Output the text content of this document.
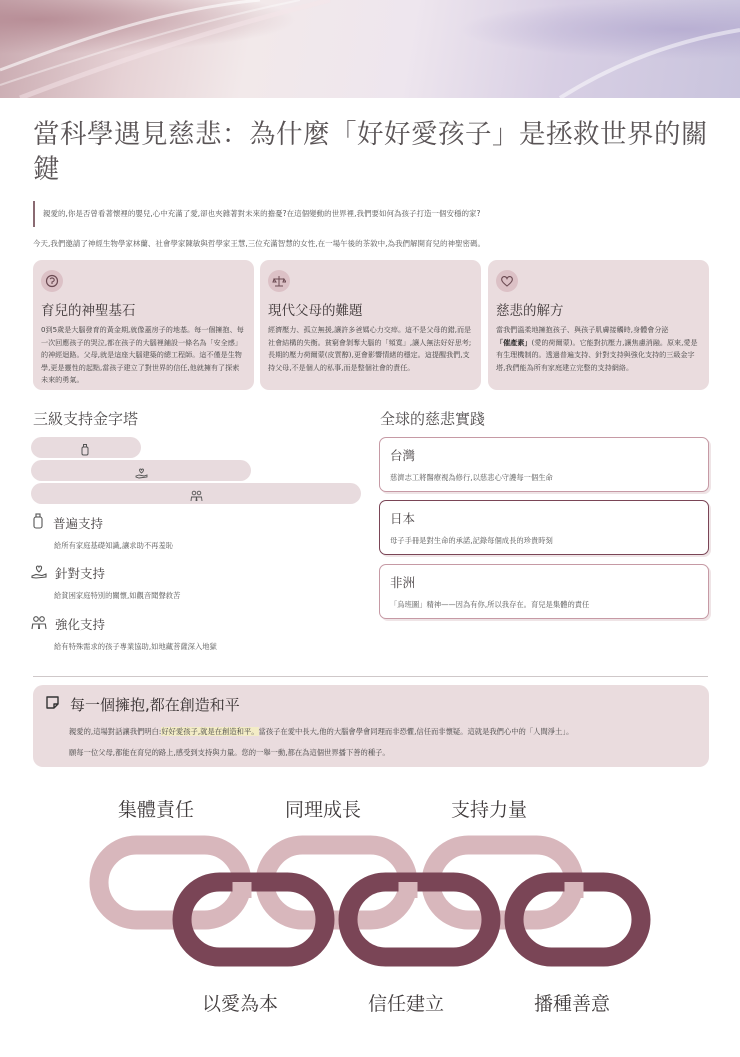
當科學遇見慈悲：為什麼「好好愛孩子」是拯救世界的關鍵
親愛的,你是否曾看著懷裡的嬰兒,心中充滿了愛,卻也夾雜著對未來的擔憂?在這個變動的世界裡,我們要如何為孩子打造一個安穩的家?
今天,我們邀請了神經生物學家林蘭、社會學家陳敏與哲學家王慧,三位充滿智慧的女性,在一場午後的茶敘中,為我們解開育兒的神聖密碼。
育兒的神聖基石
0到5歲是大腦發育的黃金期,就像蓋房子的地基。每一個擁抱、每一次回應孩子的哭泣,都在孩子的大腦裡鋪設一條名為「安全感」的神經迴路。父母,就是這座大腦建築的總工程師。這不僅是生物學,更是靈性的起點,當孩子建立了對世界的信任,他就擁有了探索未來的勇氣。
現代父母的難題
經濟壓力、孤立無援,讓許多爸媽心力交瘁。這不是父母的錯,而是社會結構的失衡。貧窮會剝奪大腦的「頻寬」,讓人無法好好思考;長期的壓力荷爾蒙(皮質醇),更會影響情緒的穩定。這提醒我們,支持父母,不是個人的私事,而是整個社會的責任。
慈悲的解方
當我們溫柔地擁抱孩子、與孩子肌膚接觸時,身體會分泌「催產素」(愛的荷爾蒙)。它能對抗壓力,讓焦慮消融。原來,愛是有生理機制的。透過普遍支持、針對支持與強化支持的三級金字塔,我們能為所有家庭建立完整的支持網絡。
三級支持金字塔
普遍支持
給所有家庭基礎知識,讓求助不再羞恥
針對支持
給貧困家庭特別的關懷,如觀音聞聲救苦
強化支持
給有特殊需求的孩子專業協助,如地藏菩薩深入地獄
全球的慈悲實踐
台灣
慈濟志工將醫療視為修行,以慈悲心守護每一個生命
日本
母子手冊是對生命的承諾,記錄每個成長的珍貴時刻
非洲
「烏班圖」精神——因為有你,所以我存在。育兒是集體的責任
每一個擁抱,都在創造和平
親愛的,這場對話讓我們明白:好好愛孩子,就是在創造和平。當孩子在愛中長大,他的大腦會學會同理而非恐懼,信任而非懷疑。這就是我們心中的「人間淨土」。
願每一位父母,都能在育兒的路上,感受到支持與力量。您的一舉一動,都在為這個世界播下善的種子。
集體責任	同理成長	支持力量
以愛為本	信任建立	播種善意
